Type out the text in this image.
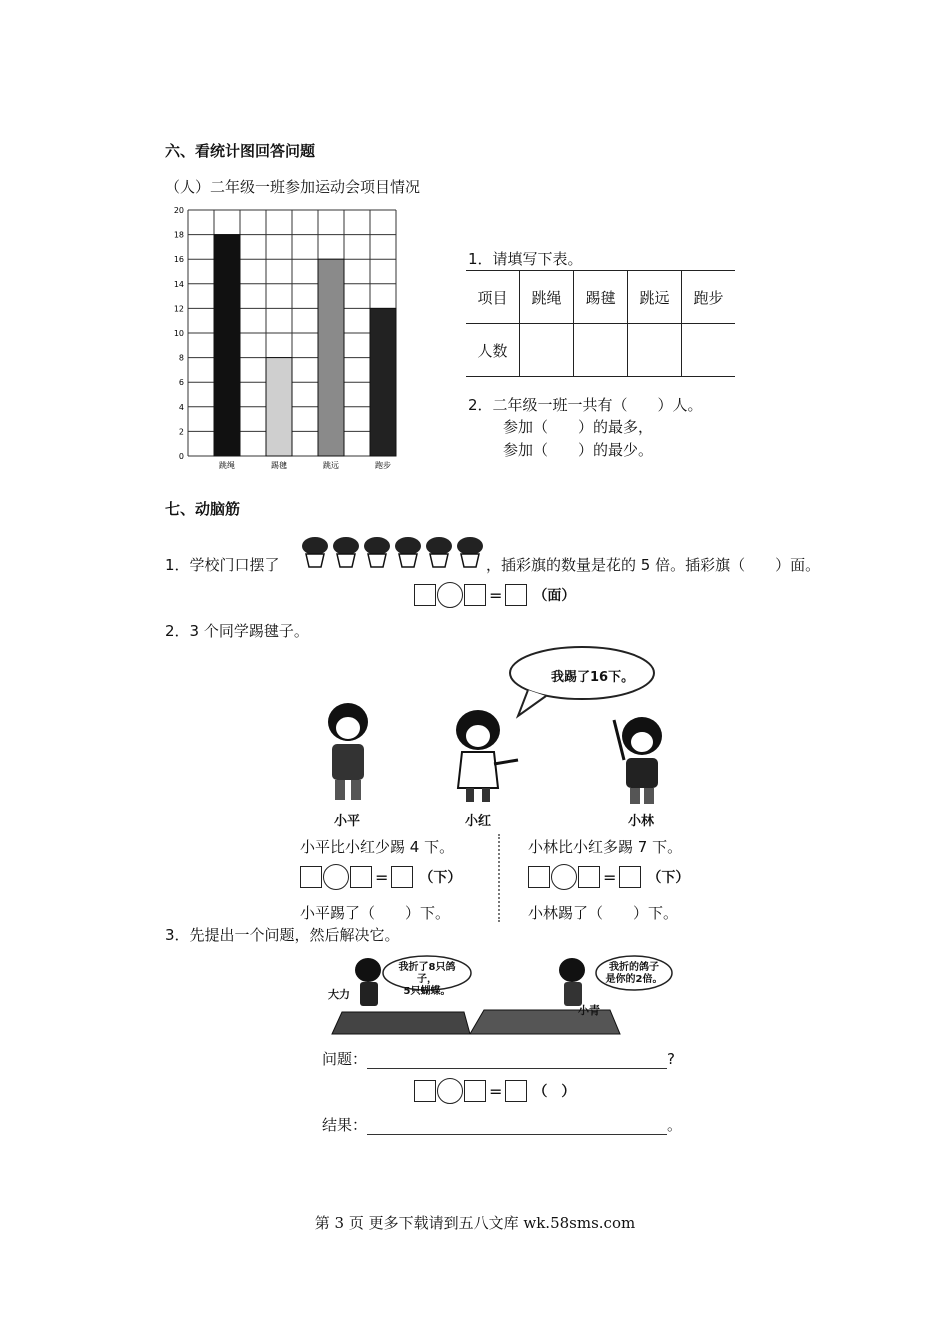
六、看统计图回答问题
（人）二年级一班参加运动会项目情况
0
2
4
6
8
10
12
14
16
18
20
跳绳	踢毽	跳远	跑步
1．请填写下表。
项目	跳绳	踢毽	跳远	跑步
人数				
2．二年级一班一共有（　　）人。
参加（　　）的最多，
参加（　　）的最少。
七、动脑筋
1．学校门口摆了	，插彩旗的数量是花的 5 倍。插彩旗（　　）面。
= （面）
2．3 个同学踢毽子。
我踢了16下。
小平	小红	小林
小平比小红少踢 4 下。
= （下）
小平踢了（　　）下。
小林比小红多踢 7 下。
= （下）
小林踢了（　　）下。
3．先提出一个问题，然后解决它。
我折了8只鸽子，
5只蝴蝶。
我折的鸽子
是你的2倍。
大力
小青
问题：	?
= （　）
结果：	。
第 3 页 更多下载请到五八文库 wk.58sms.com
